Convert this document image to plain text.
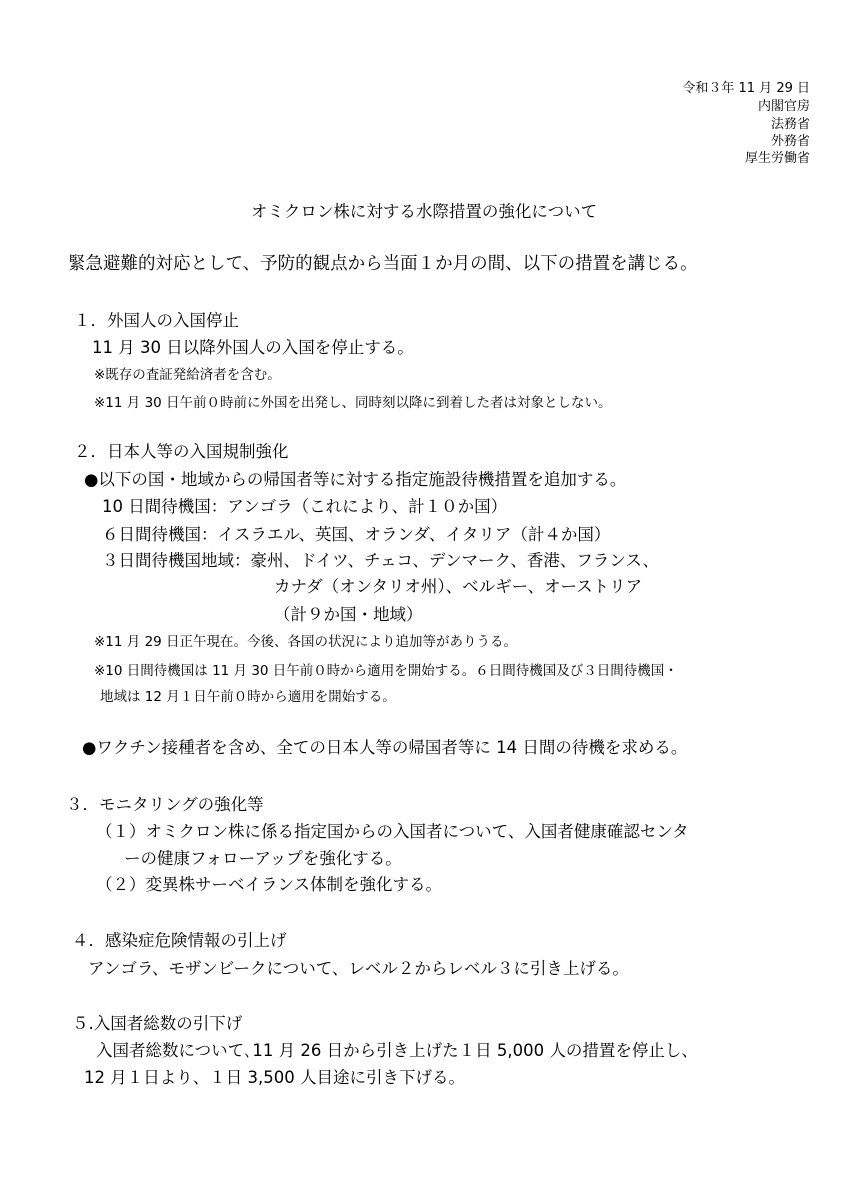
令和３年 11 月 29 日
内閣官房
法務省
外務省
厚生労働省
オミクロン株に対する水際措置の強化について
緊急避難的対応として、予防的観点から当面１か月の間、以下の措置を講じる。
１．外国人の入国停止
11 月 30 日以降外国人の入国を停止する。
※既存の査証発給済者を含む。
※11 月 30 日午前０時前に外国を出発し、同時刻以降に到着した者は対象としない。
２．日本人等の入国規制強化
●以下の国・地域からの帰国者等に対する指定施設待機措置を追加する。
10 日間待機国：アンゴラ（これにより、計１０か国）
６日間待機国：イスラエル、英国、オランダ、イタリア（計４か国）
３日間待機国地域：豪州、ドイツ、チェコ、デンマーク、香港、フランス、
カナダ（オンタリオ州）、ベルギー、オーストリア
（計９か国・地域）
※11 月 29 日正午現在。今後、各国の状況により追加等がありうる。
※10 日間待機国は 11 月 30 日午前０時から適用を開始する。６日間待機国及び３日間待機国・
地域は 12 月１日午前０時から適用を開始する。
●ワクチン接種者を含め、全ての日本人等の帰国者等に 14 日間の待機を求める。
３．モニタリングの強化等
（１）オミクロン株に係る指定国からの入国者について、入国者健康確認センタ
ーの健康フォローアップを強化する。
（２）変異株サーベイランス体制を強化する。
４．感染症危険情報の引上げ
アンゴラ、モザンビークについて、レベル２からレベル３に引き上げる。
５.入国者総数の引下げ
入国者総数について､11 月 26 日から引き上げた１日 5,000 人の措置を停止し、
12 月１日より、１日 3,500 人目途に引き下げる。
